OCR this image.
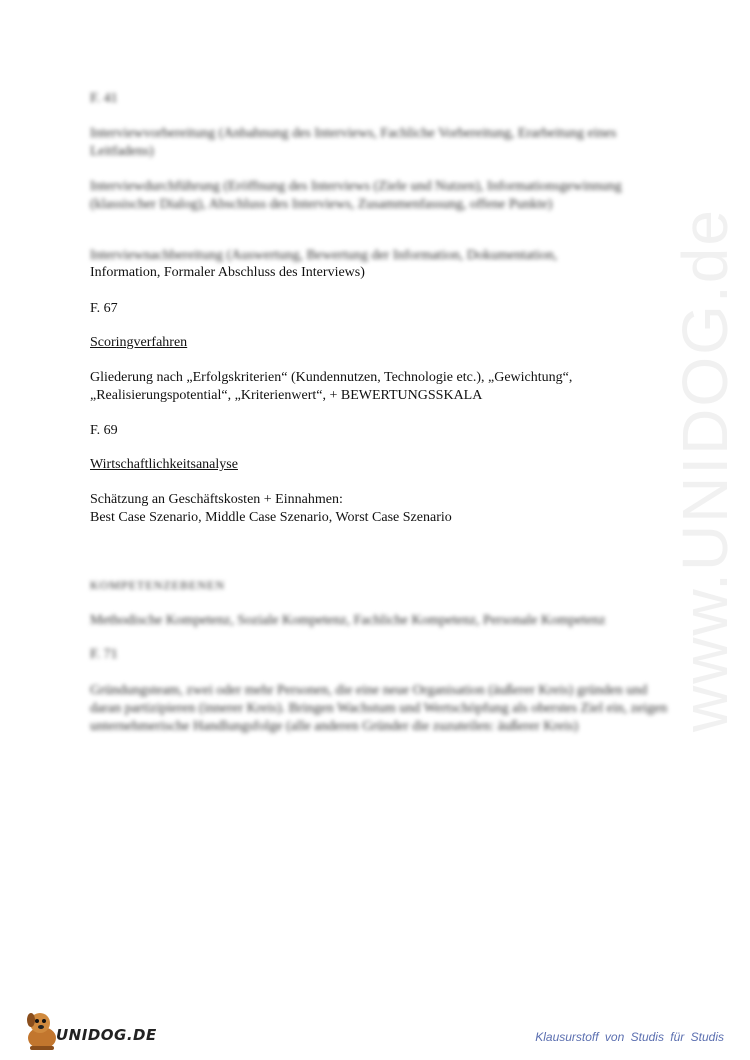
www.UNIDOG.de
F. 41
Interviewvorbereitung (Anbahnung des Interviews, Fachliche Vorbereitung, Erarbeitung eines Leitfadens)
Interviewdurchführung (Eröffnung des Interviews (Ziele und Nutzen), Informationsgewinnung (klassischer Dialog), Abschluss des Interviews, Zusammenfassung, offene Punkte)
Interviewnachbereitung (Auswertung, Bewertung der Information, Dokumentation,
Information, Formaler Abschluss des Interviews)
F. 67
Scoringverfahren
Gliederung nach „Erfolgskriterien“ (Kundennutzen, Technologie etc.), „Gewichtung“,
„Realisierungspotential“, „Kriterienwert“, + BEWERTUNGSSKALA
F. 69
Wirtschaftlichkeitsanalyse
Schätzung an Geschäftskosten + Einnahmen:
Best Case Szenario, Middle Case Szenario, Worst Case Szenario
KOMPETENZEBENEN
Methodische Kompetenz, Soziale Kompetenz, Fachliche Kompetenz, Personale Kompetenz
F. 71
Gründungsteam, zwei oder mehr Personen, die eine neue Organisation (äußerer Kreis) gründen und daran partizipieren (innerer Kreis). Bringen Wachstum und Wertschöpfung als oberstes Ziel ein, zeigen unternehmerische Handlungsfolge (alle anderen Gründer die zuzuteilen: äußerer Kreis)
UNIDOG.DE	Klausurstoff von Studis für Studis
